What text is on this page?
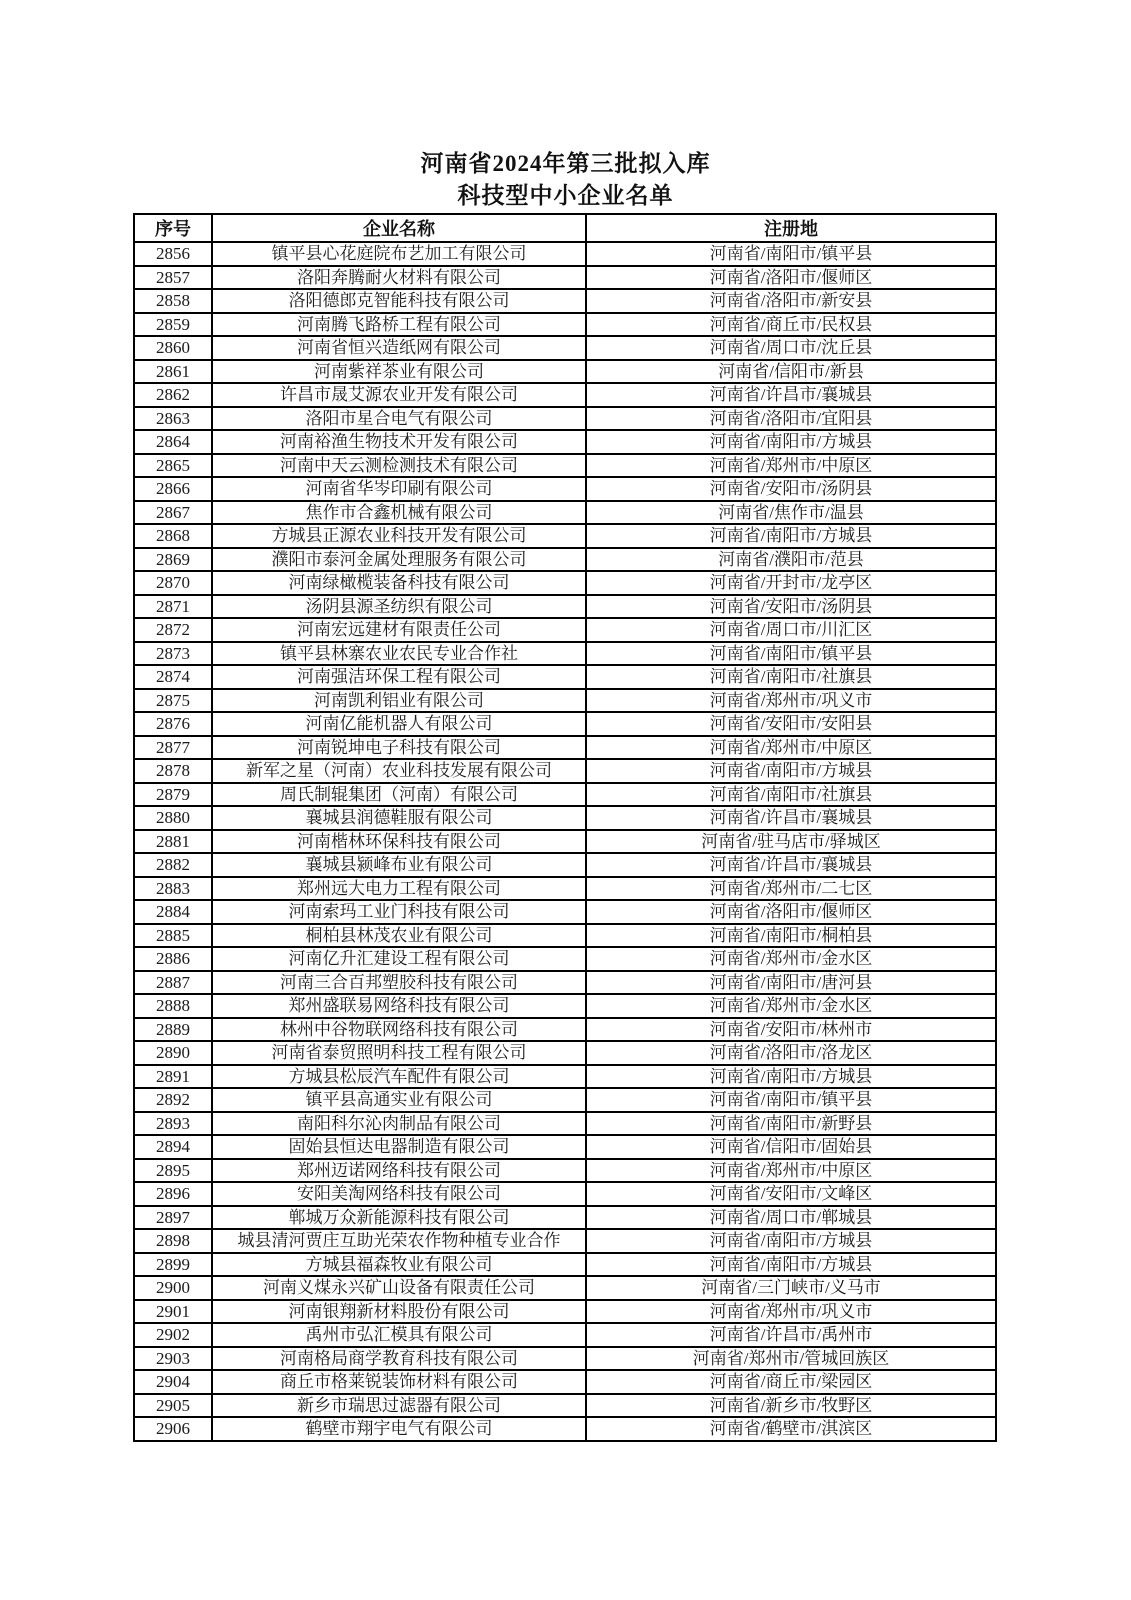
河南省2024年第三批拟入库
科技型中小企业名单
序号	企业名称	注册地
2856	镇平县心花庭院布艺加工有限公司	河南省/南阳市/镇平县
2857	洛阳奔腾耐火材料有限公司	河南省/洛阳市/偃师区
2858	洛阳德郎克智能科技有限公司	河南省/洛阳市/新安县
2859	河南腾飞路桥工程有限公司	河南省/商丘市/民权县
2860	河南省恒兴造纸网有限公司	河南省/周口市/沈丘县
2861	河南紫祥茶业有限公司	河南省/信阳市/新县
2862	许昌市晟艾源农业开发有限公司	河南省/许昌市/襄城县
2863	洛阳市星合电气有限公司	河南省/洛阳市/宜阳县
2864	河南裕渔生物技术开发有限公司	河南省/南阳市/方城县
2865	河南中天云测检测技术有限公司	河南省/郑州市/中原区
2866	河南省华岑印刷有限公司	河南省/安阳市/汤阴县
2867	焦作市合鑫机械有限公司	河南省/焦作市/温县
2868	方城县正源农业科技开发有限公司	河南省/南阳市/方城县
2869	濮阳市泰河金属处理服务有限公司	河南省/濮阳市/范县
2870	河南绿橄榄装备科技有限公司	河南省/开封市/龙亭区
2871	汤阴县源圣纺织有限公司	河南省/安阳市/汤阴县
2872	河南宏远建材有限责任公司	河南省/周口市/川汇区
2873	镇平县林寨农业农民专业合作社	河南省/南阳市/镇平县
2874	河南强洁环保工程有限公司	河南省/南阳市/社旗县
2875	河南凯利铝业有限公司	河南省/郑州市/巩义市
2876	河南亿能机器人有限公司	河南省/安阳市/安阳县
2877	河南锐坤电子科技有限公司	河南省/郑州市/中原区
2878	新军之星（河南）农业科技发展有限公司	河南省/南阳市/方城县
2879	周氏制辊集团（河南）有限公司	河南省/南阳市/社旗县
2880	襄城县润德鞋服有限公司	河南省/许昌市/襄城县
2881	河南楷林环保科技有限公司	河南省/驻马店市/驿城区
2882	襄城县颍峰布业有限公司	河南省/许昌市/襄城县
2883	郑州远大电力工程有限公司	河南省/郑州市/二七区
2884	河南索玛工业门科技有限公司	河南省/洛阳市/偃师区
2885	桐柏县林茂农业有限公司	河南省/南阳市/桐柏县
2886	河南亿升汇建设工程有限公司	河南省/郑州市/金水区
2887	河南三合百邦塑胶科技有限公司	河南省/南阳市/唐河县
2888	郑州盛联易网络科技有限公司	河南省/郑州市/金水区
2889	林州中谷物联网络科技有限公司	河南省/安阳市/林州市
2890	河南省泰贸照明科技工程有限公司	河南省/洛阳市/洛龙区
2891	方城县松辰汽车配件有限公司	河南省/南阳市/方城县
2892	镇平县高通实业有限公司	河南省/南阳市/镇平县
2893	南阳科尔沁肉制品有限公司	河南省/南阳市/新野县
2894	固始县恒达电器制造有限公司	河南省/信阳市/固始县
2895	郑州迈诺网络科技有限公司	河南省/郑州市/中原区
2896	安阳美淘网络科技有限公司	河南省/安阳市/文峰区
2897	郸城万众新能源科技有限公司	河南省/周口市/郸城县
2898	城县清河贾庄互助光荣农作物种植专业合作	河南省/南阳市/方城县
2899	方城县福森牧业有限公司	河南省/南阳市/方城县
2900	河南义煤永兴矿山设备有限责任公司	河南省/三门峡市/义马市
2901	河南银翔新材料股份有限公司	河南省/郑州市/巩义市
2902	禹州市弘汇模具有限公司	河南省/许昌市/禹州市
2903	河南格局商学教育科技有限公司	河南省/郑州市/管城回族区
2904	商丘市格莱锐装饰材料有限公司	河南省/商丘市/梁园区
2905	新乡市瑞思过滤器有限公司	河南省/新乡市/牧野区
2906	鹤壁市翔宇电气有限公司	河南省/鹤壁市/淇滨区
